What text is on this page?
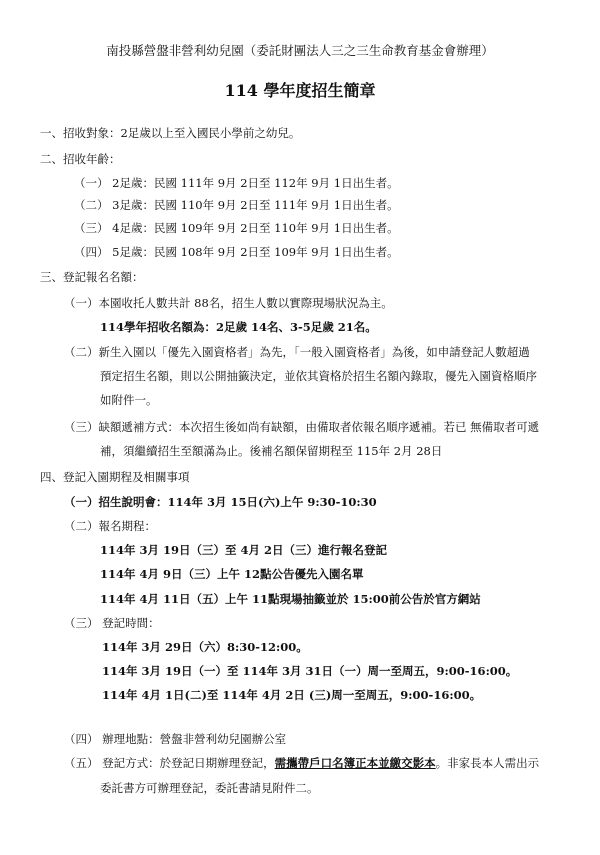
南投縣營盤非營利幼兒園（委託財團法人三之三生命教育基金會辦理）
114 學年度招生簡章
一、招收對象：2足歲以上至入國民小學前之幼兒。
二、招收年齡：
（一） 2足歲：民國 111年 9月 2日至 112年 9月 1日出生者。
（二） 3足歲：民國 110年 9月 2日至 111年 9月 1日出生者。
（三） 4足歲：民國 109年 9月 2日至 110年 9月 1日出生者。
（四） 5足歲：民國 108年 9月 2日至 109年 9月 1日出生者。
三、登記報名名額：
（一）本園收托人數共計 88名，招生人數以實際現場狀況為主。
114學年招收名額為：2足歲 14名、3-5足歲 21名。
（二）新生入園以「優先入園資格者」為先，「一般入園資格者」為後，如申請登記人數超過
預定招生名額，則以公開抽籤決定，並依其資格於招生名額內錄取，優先入園資格順序
如附件一。
（三）缺額遞補方式：本次招生後如尚有缺額，由備取者依報名順序遞補。若已 無備取者可遞
補，須繼續招生至額滿為止。後補名額保留期程至 115年 2月 28日
四、登記入園期程及相關事項
（一）招生說明會：114年 3月 15日(六)上午 9:30-10:30
（二）報名期程：
114年 3月 19日（三）至 4月 2日（三）進行報名登記
114年 4月 9日（三）上午 12點公告優先入園名單
114年 4月 11日（五）上午 11點現場抽籤並於 15:00前公告於官方網站
（三） 登記時間：
114年 3月 29日（六）8:30-12:00。
114年 3月 19日（一）至 114年 3月 31日（一）周一至周五，9:00-16:00。
114年 4月 1日(二)至 114年 4月 2日 (三)周一至周五，9:00-16:00。
（四） 辦理地點：營盤非營利幼兒園辦公室
（五） 登記方式：於登記日期辦理登記，需攜帶戶口名簿正本並繳交影本。非家長本人需出示
委託書方可辦理登記，委託書請見附件二。
